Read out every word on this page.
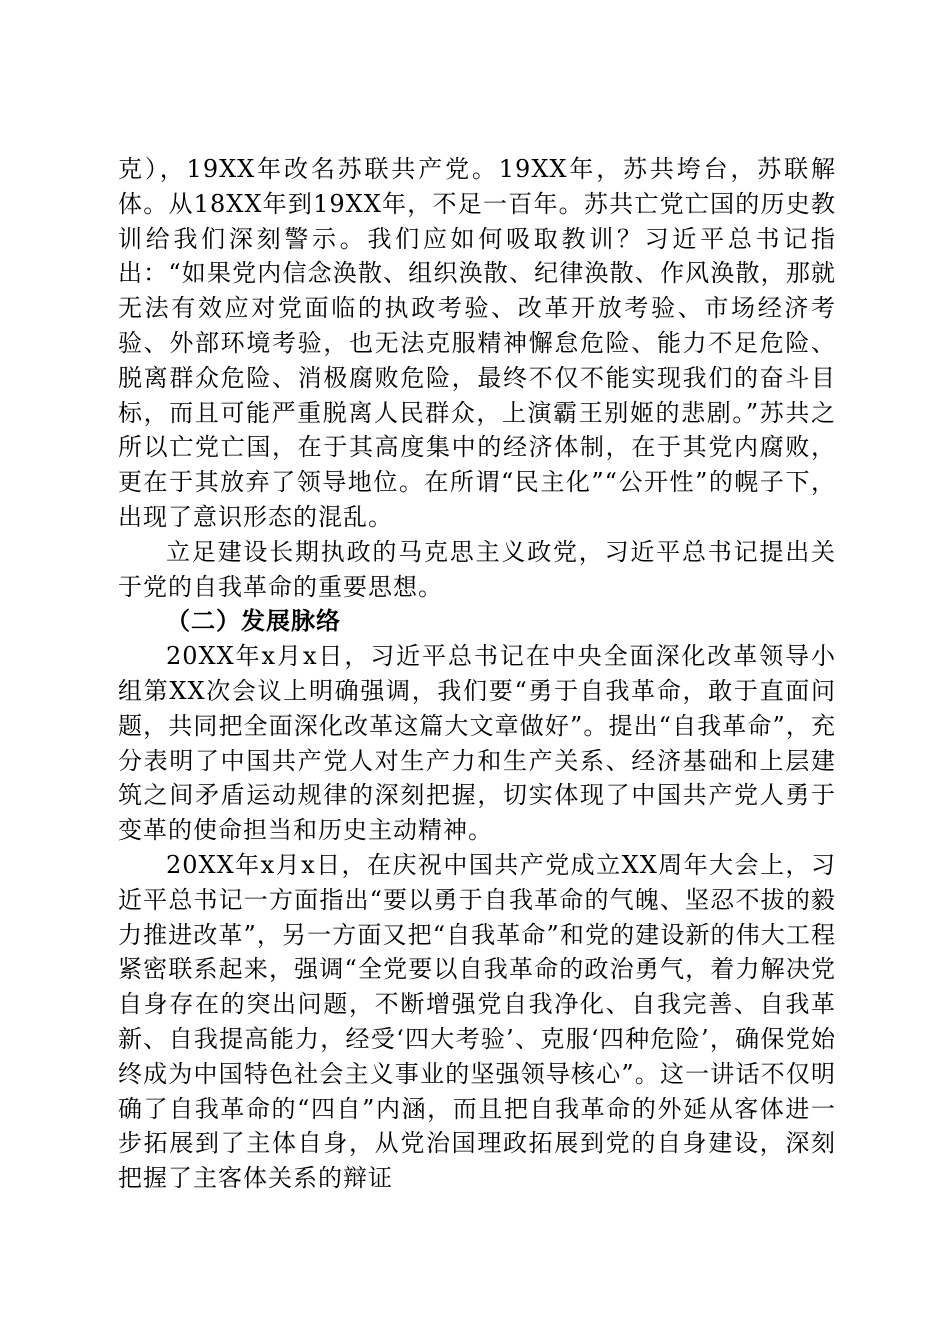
克），19XX年改名苏联共产党。19XX年，苏共垮台，苏联解体。从18XX年到19XX年，不足一百年。苏共亡党亡国的历史教训给我们深刻警示。我们应如何吸取教训？习近平总书记指出：“如果党内信念涣散、组织涣散、纪律涣散、作风涣散，那就无法有效应对党面临的执政考验、改革开放考验、市场经济考验、外部环境考验，也无法克服精神懈怠危险、能力不足危险、脱离群众危险、消极腐败危险，最终不仅不能实现我们的奋斗目标，而且可能严重脱离人民群众，上演霸王别姬的悲剧。”苏共之所以亡党亡国，在于其高度集中的经济体制，在于其党内腐败，更在于其放弃了领导地位。在所谓“民主化”“公开性”的幌子下，出现了意识形态的混乱。

立足建设长期执政的马克思主义政党，习近平总书记提出关于党的自我革命的重要思想。

（二）发展脉络

20XX年x月x日，习近平总书记在中央全面深化改革领导小组第XX次会议上明确强调，我们要“勇于自我革命，敢于直面问题，共同把全面深化改革这篇大文章做好”。提出“自我革命”，充分表明了中国共产党人对生产力和生产关系、经济基础和上层建筑之间矛盾运动规律的深刻把握，切实体现了中国共产党人勇于变革的使命担当和历史主动精神。

20XX年x月x日，在庆祝中国共产党成立XX周年大会上，习近平总书记一方面指出“要以勇于自我革命的气魄、坚忍不拔的毅力推进改革”，另一方面又把“自我革命”和党的建设新的伟大工程紧密联系起来，强调“全党要以自我革命的政治勇气，着力解决党自身存在的突出问题，不断增强党自我净化、自我完善、自我革新、自我提高能力，经受‘四大考验’、克服‘四种危险’，确保党始终成为中国特色社会主义事业的坚强领导核心”。这一讲话不仅明确了自我革命的“四自”内涵，而且把自我革命的外延从客体进一步拓展到了主体自身，从党治国理政拓展到党的自身建设，深刻把握了主客体关系的辩证
